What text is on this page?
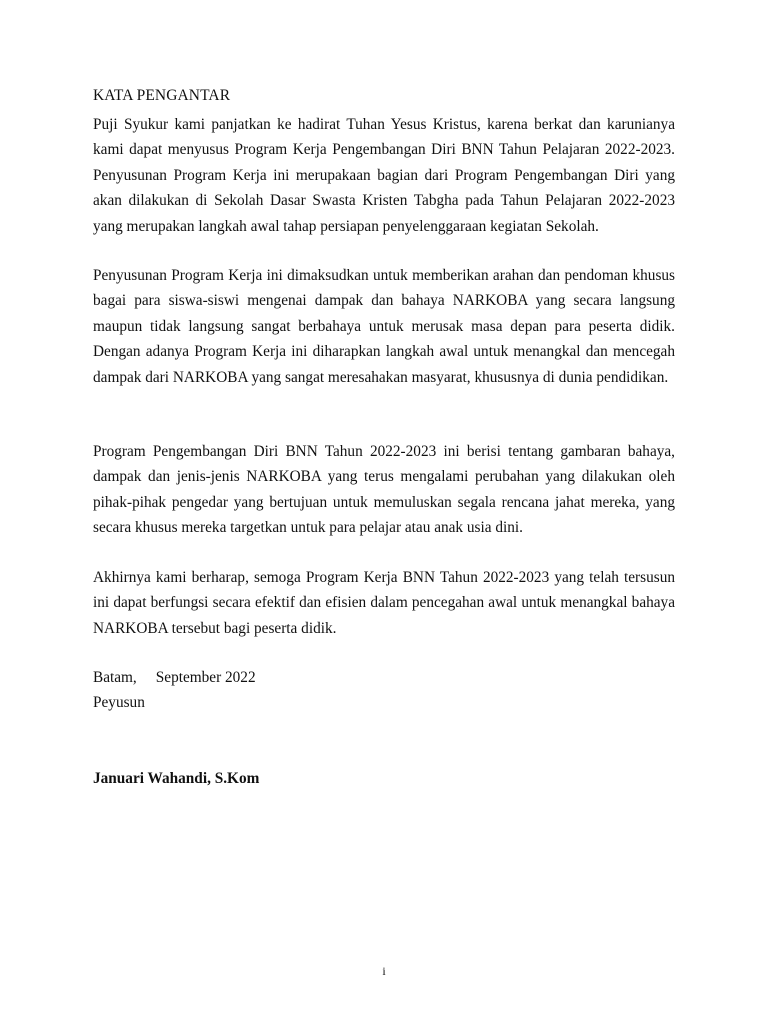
KATA PENGANTAR

Puji Syukur kami panjatkan ke hadirat Tuhan Yesus Kristus, karena berkat dan karunianya kami dapat menyusus Program Kerja Pengembangan Diri BNN Tahun Pelajaran 2022-2023. Penyusunan Program Kerja ini merupakaan bagian dari Program Pengembangan Diri yang akan dilakukan di Sekolah Dasar Swasta Kristen Tabgha pada Tahun Pelajaran 2022-2023 yang merupakan langkah awal tahap persiapan penyelenggaraan kegiatan Sekolah.

Penyusunan Program Kerja ini dimaksudkan untuk memberikan arahan dan pendoman khusus bagai para siswa-siswi mengenai dampak dan bahaya NARKOBA yang secara langsung maupun tidak langsung sangat berbahaya untuk merusak masa depan para peserta didik. Dengan adanya Program Kerja ini diharapkan langkah awal untuk menangkal dan mencegah dampak dari NARKOBA yang sangat meresahakan masyarat, khususnya di dunia pendidikan.

Program Pengembangan Diri BNN Tahun 2022-2023 ini berisi tentang gambaran bahaya, dampak dan jenis-jenis NARKOBA yang terus mengalami perubahan yang dilakukan oleh pihak-pihak pengedar yang bertujuan untuk memuluskan segala rencana jahat mereka, yang secara khusus mereka targetkan untuk para pelajar atau anak usia dini.

Akhirnya kami berharap, semoga Program Kerja BNN Tahun 2022-2023 yang telah tersusun ini dapat berfungsi secara efektif dan efisien dalam pencegahan awal untuk menangkal bahaya NARKOBA tersebut bagi peserta didik.

Batam, September 2022

Peyusun

Januari Wahandi, S.Kom

i
